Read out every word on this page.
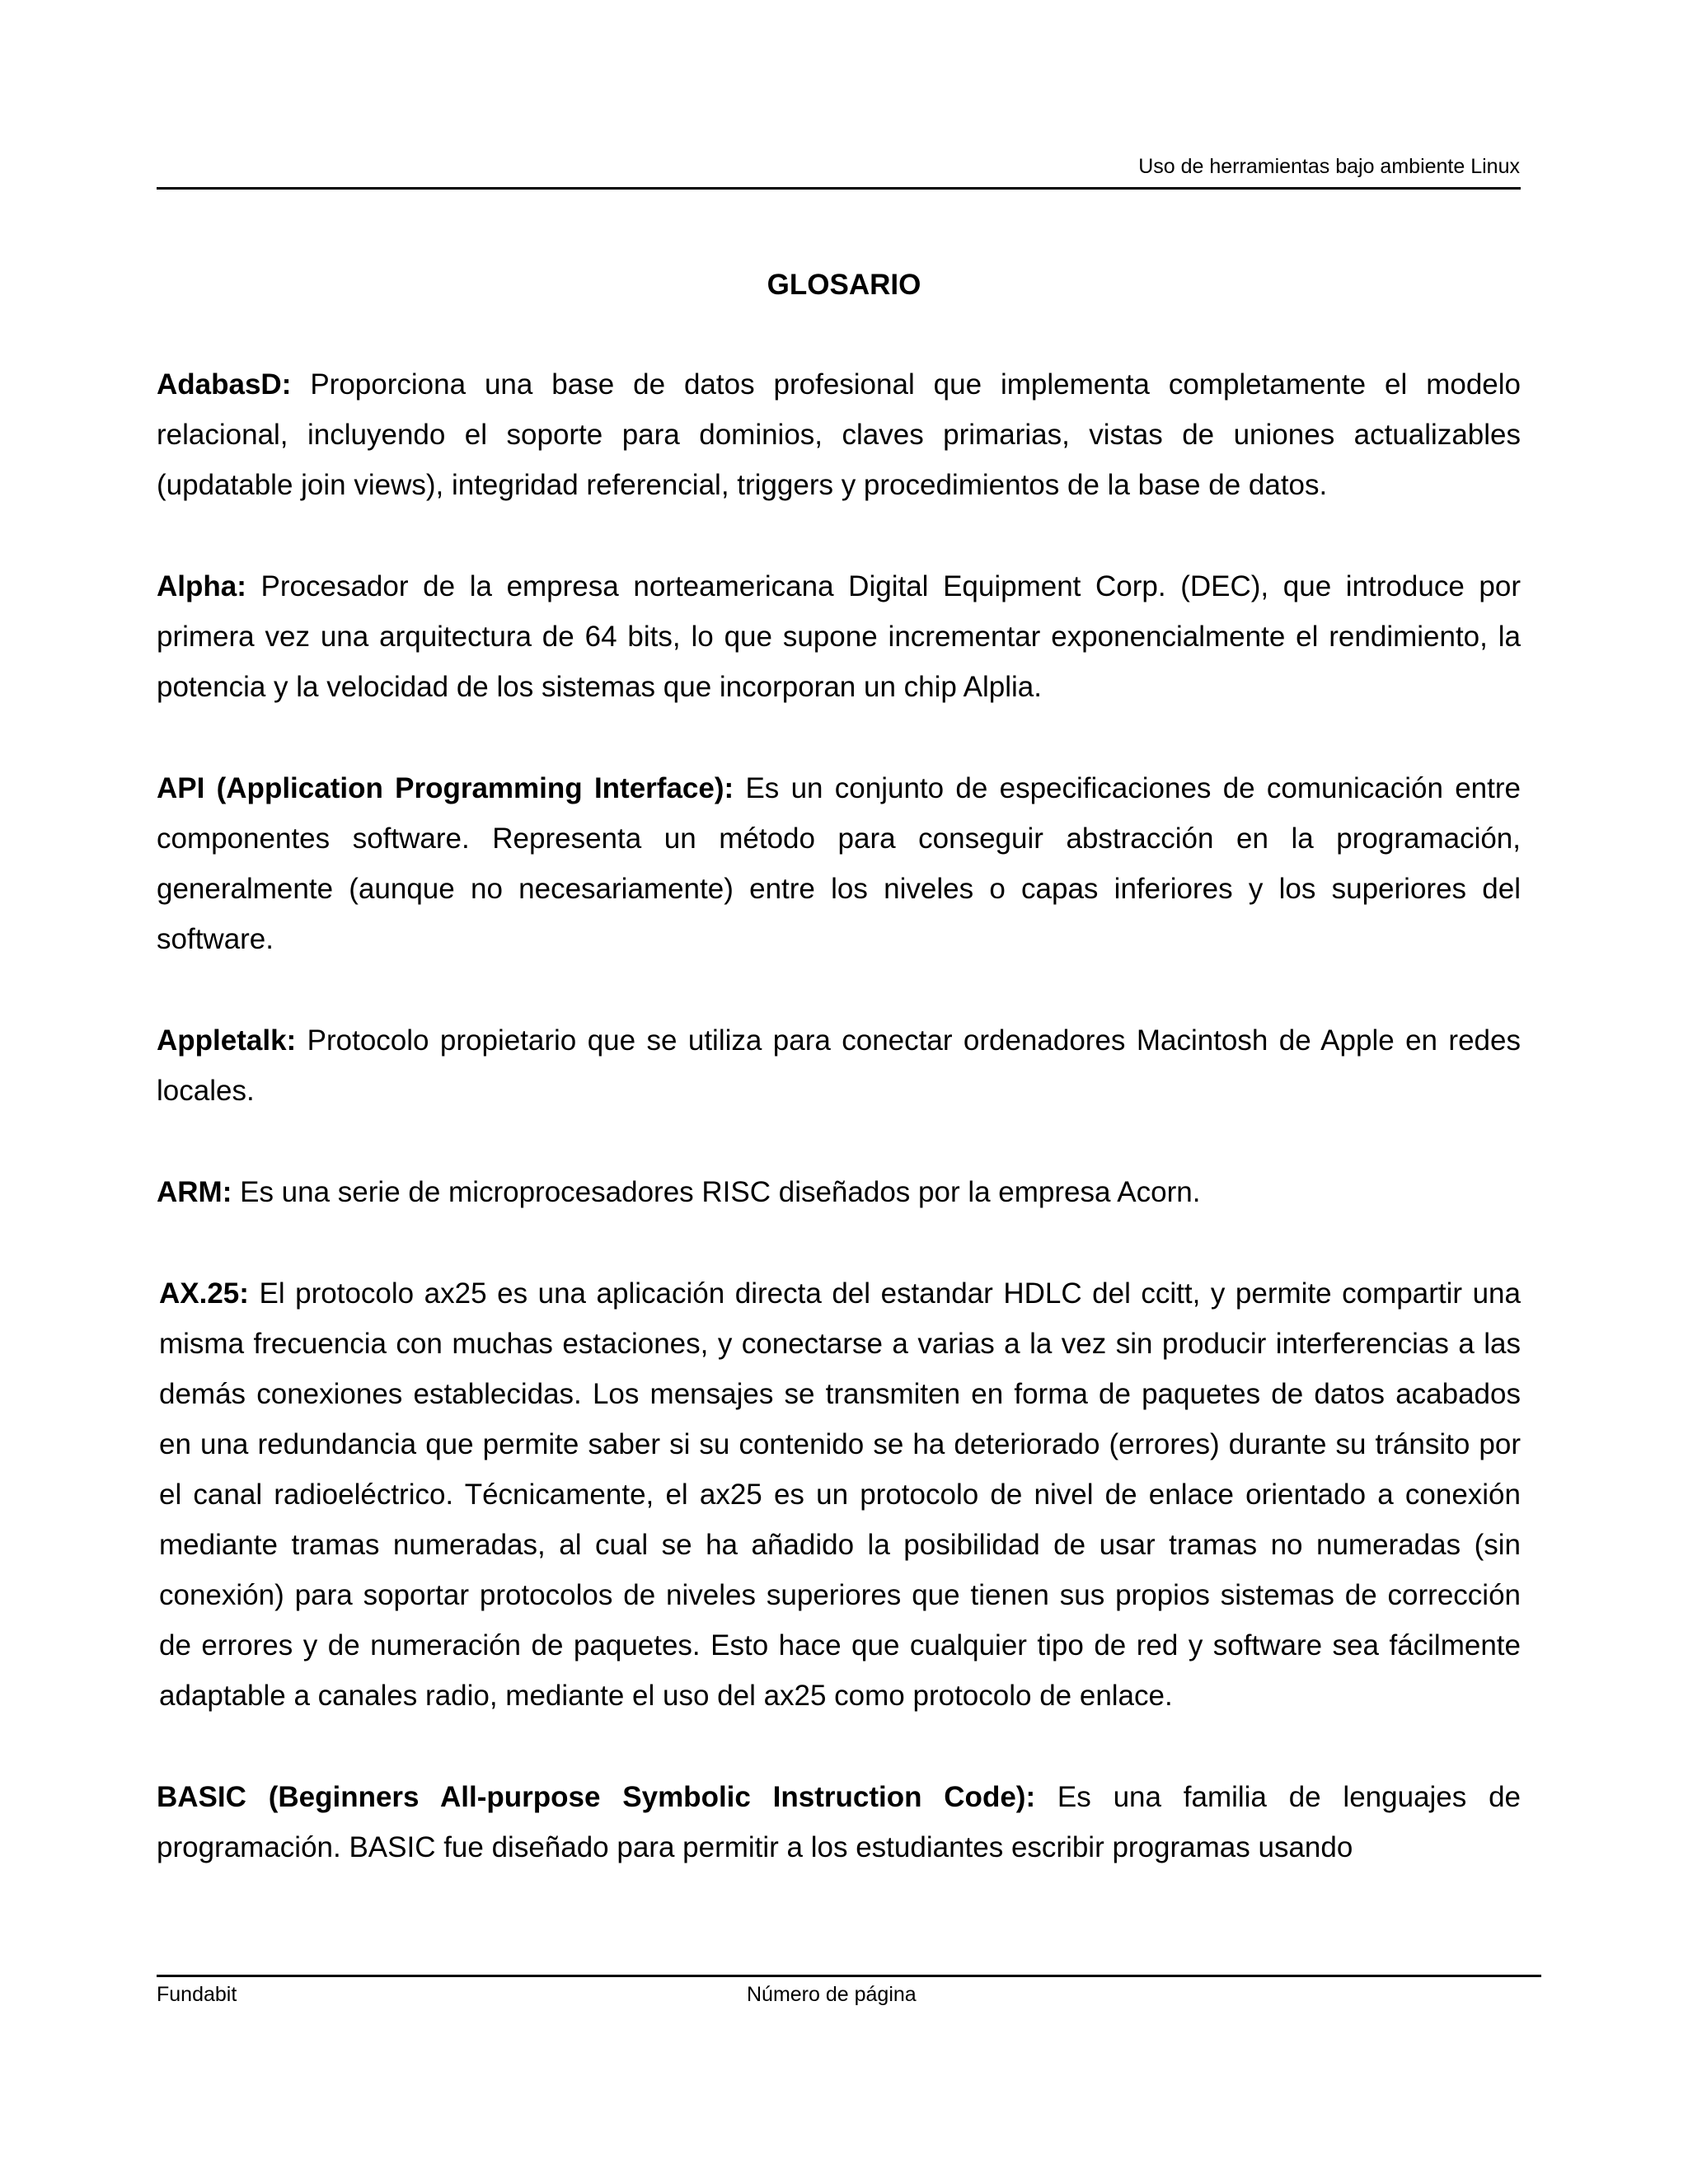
Uso de herramientas bajo ambiente Linux
GLOSARIO

AdabasD: Proporciona una base de datos profesional que implementa completamente el modelo relacional, incluyendo el soporte para dominios, claves primarias, vistas de uniones actualizables (updatable join views), integridad referencial, triggers y procedimientos de la base de datos.

Alpha: Procesador de la empresa norteamericana Digital Equipment Corp. (DEC), que introduce por primera vez una arquitectura de 64 bits, lo que supone incrementar exponencialmente el rendimiento, la potencia y la velocidad de los sistemas que incorporan un chip Alplia.

API (Application Programming Interface): Es un conjunto de especificaciones de comunicación entre componentes software. Representa un método para conseguir abstracción en la programación, generalmente (aunque no necesariamente) entre los niveles o capas inferiores y los superiores del software.

Appletalk: Protocolo propietario que se utiliza para conectar ordenadores Macintosh de Apple en redes locales.

ARM: Es una serie de microprocesadores RISC diseñados por la empresa Acorn.

AX.25: El protocolo ax25 es una aplicación directa del estandar HDLC del ccitt, y permite compartir una misma frecuencia con muchas estaciones, y conectarse a varias a la vez sin producir interferencias a las demás conexiones establecidas. Los mensajes se transmiten en forma de paquetes de datos acabados en una redundancia que permite saber si su contenido se ha deteriorado (errores) durante su tránsito por el canal radioeléctrico. Técnicamente, el ax25 es un protocolo de nivel de enlace orientado a conexión mediante tramas numeradas, al cual se ha añadido la posibilidad de usar tramas no numeradas (sin conexión) para soportar protocolos de niveles superiores que tienen sus propios sistemas de corrección de errores y de numeración de paquetes. Esto hace que cualquier tipo de red y software sea fácilmente adaptable a canales radio, mediante el uso del ax25 como protocolo de enlace.

BASIC (Beginners All-purpose Symbolic Instruction Code): Es una familia de lenguajes de programación. BASIC fue diseñado para permitir a los estudiantes escribir programas usando

Fundabit	Número de página
